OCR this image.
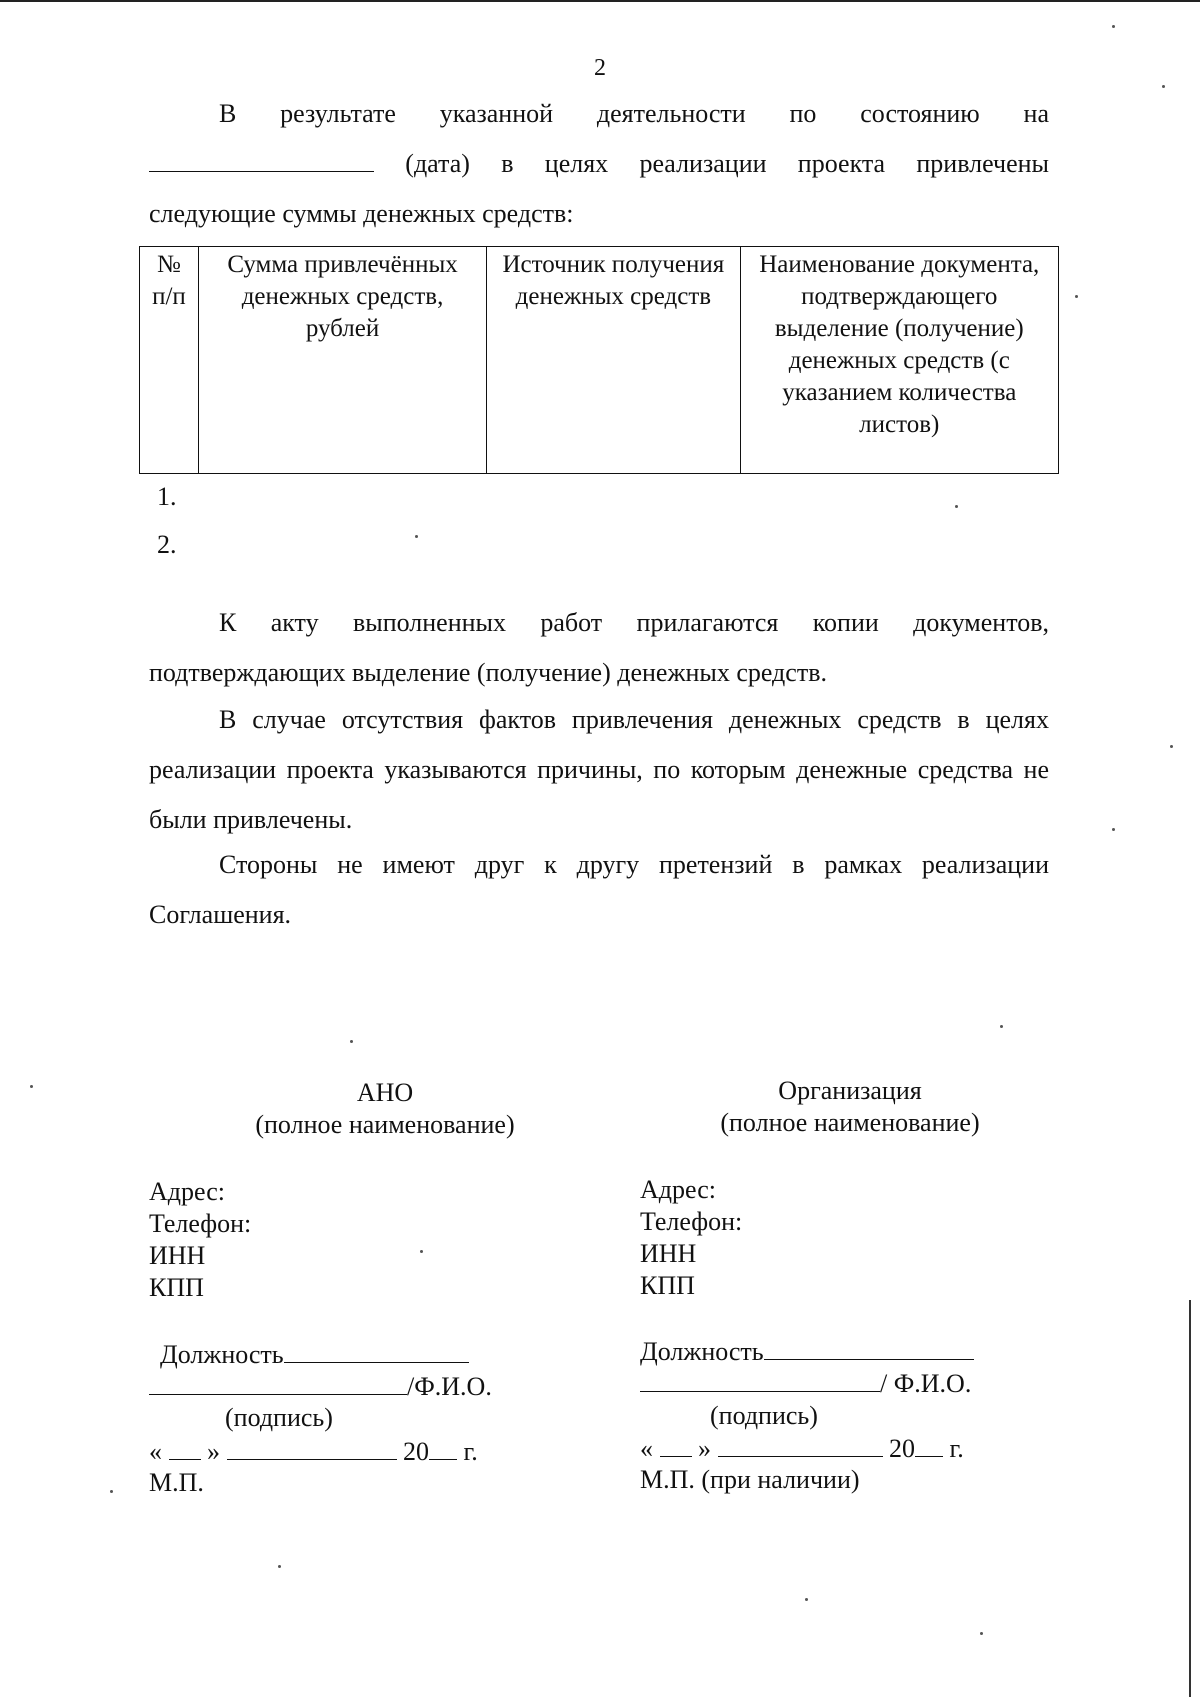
2
В результате указанной деятельности по состоянию на
(дата) в целях реализации проекта привлечены
следующие суммы денежных средств:
№ п/п	Сумма привлечённых денежных средств, рублей	Источник получения денежных средств	Наименование документа, подтверждающего выделение (получение) денежных средств (с указанием количества листов)
1.
2.
К акту выполненных работ прилагаются копии документов, подтверждающих выделение (получение) денежных средств.
В случае отсутствия фактов привлечения денежных средств в целях реализации проекта указываются причины, по которым денежные средства не были привлечены.
Стороны не имеют друг к другу претензий в рамках реализации Соглашения.
АНО
(полное наименование)
Организация
(полное наименование)
Адрес:
Телефон:
ИНН
КПП
Адрес:
Телефон:
ИНН
КПП
Должность
/Ф.И.О.
(подпись)
« »	20 г.
М.П.
Должность
/ Ф.И.О.
(подпись)
« »	20 г.
М.П. (при наличии)
